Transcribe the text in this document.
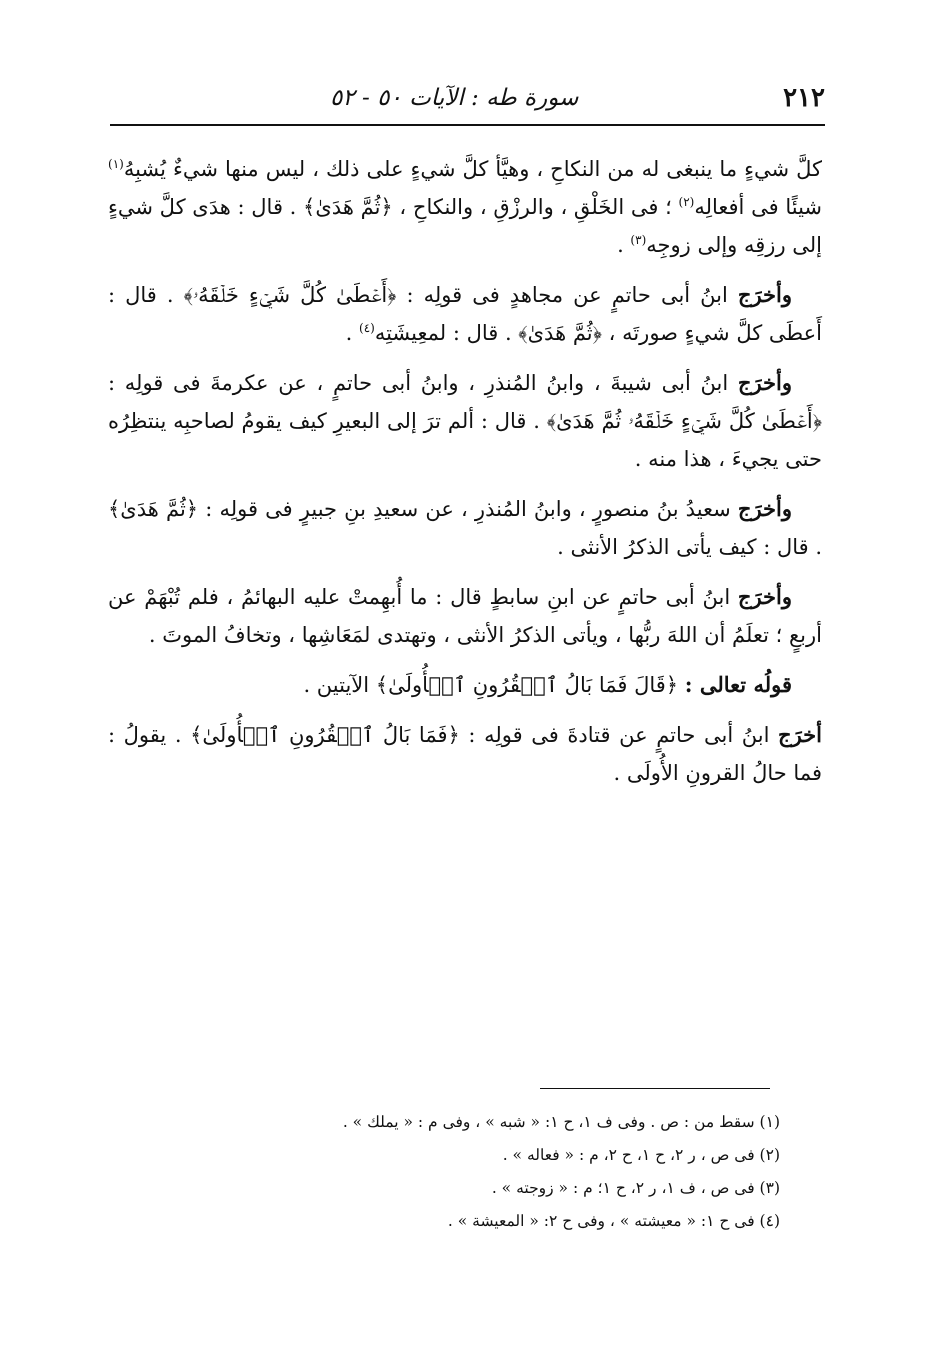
٢١٢
سورة طه : الآيات ٥٠ - ٥٢

كلَّ شيءٍ ما ينبغى له من النكاحِ ، وهيَّأ كلَّ شيءٍ على ذلك ، ليس منها شيءٌ يُشبِهُ$^{(١)}$ شيئًا فى أفعالِه$^{(٢)}$ ؛ فى الخَلْقِ ، والرزْقِ ، والنكاحِ ، ﴿ثُمَّ هَدَىٰ﴾ . قال : هدَى كلَّ شيءٍ إلى رزقِه وإلى زوجِه$^{(٣)}$ .

وأخرَج ابنُ أبى حاتمٍ عن مجاهدٍ فى قولِه : ﴿أَعۡطَىٰ كُلَّ شَيۡءٍ خَلۡقَهُۥ﴾ . قال : أَعطَى كلَّ شيءٍ صورتَه ، ﴿ثُمَّ هَدَىٰ﴾ . قال : لمعِيشَتِه$^{(٤)}$ .

وأخرَج ابنُ أبى شيبةَ ، وابنُ المُنذرِ ، وابنُ أبى حاتمٍ ، عن عكرمةَ فى قولِه : ﴿أَعۡطَىٰ كُلَّ شَيۡءٍ خَلۡقَهُۥ ثُمَّ هَدَىٰ﴾ . قال : ألم ترَ إلى البعيرِ كيف يقومُ لصاحبِه ينتظِرُه حتى يجيءَ ، هذا منه .

وأخرَج سعيدُ بنُ منصورٍ ، وابنُ المُنذرِ ، عن سعيدِ بنِ جبيرٍ فى قولِه : ﴿ثُمَّ هَدَىٰ﴾ . قال : كيف يأتى الذكرُ الأنثى .

وأخرَج ابنُ أبى حاتمٍ عن ابنِ سابطٍ قال : ما أُبهِمتْ عليه البهائمُ ، فلم تُبْهَمْ عن أربعٍ ؛ تعلَمُ أن اللهَ ربُّها ، ويأتى الذكرُ الأنثى ، وتهتدى لمَعَاشِها ، وتخافُ الموتَ .

قولُه تعالى : ﴿قَالَ فَمَا بَالُ ٱلۡقُرُونِ ٱلۡأُولَىٰ﴾ الآيتين .

أخرَج ابنُ أبى حاتمٍ عن قتادةَ فى قولِه : ﴿فَمَا بَالُ ٱلۡقُرُونِ ٱلۡأُولَىٰ﴾ . يقولُ : فما حالُ القرونِ الأُولَى .

(١) سقط من : ص . وفى ف ١، ح ١: « شبه » ، وفى م : « يملك » .
(٢) فى ص ، ر ٢، ح ١، ح ٢، م : « فعاله » .
(٣) فى ص ، ف ١، ر ٢، ح ١؛ م : « زوجته » .
(٤) فى ح ١: « معيشته » ، وفى ح ٢: « المعيشة » .
